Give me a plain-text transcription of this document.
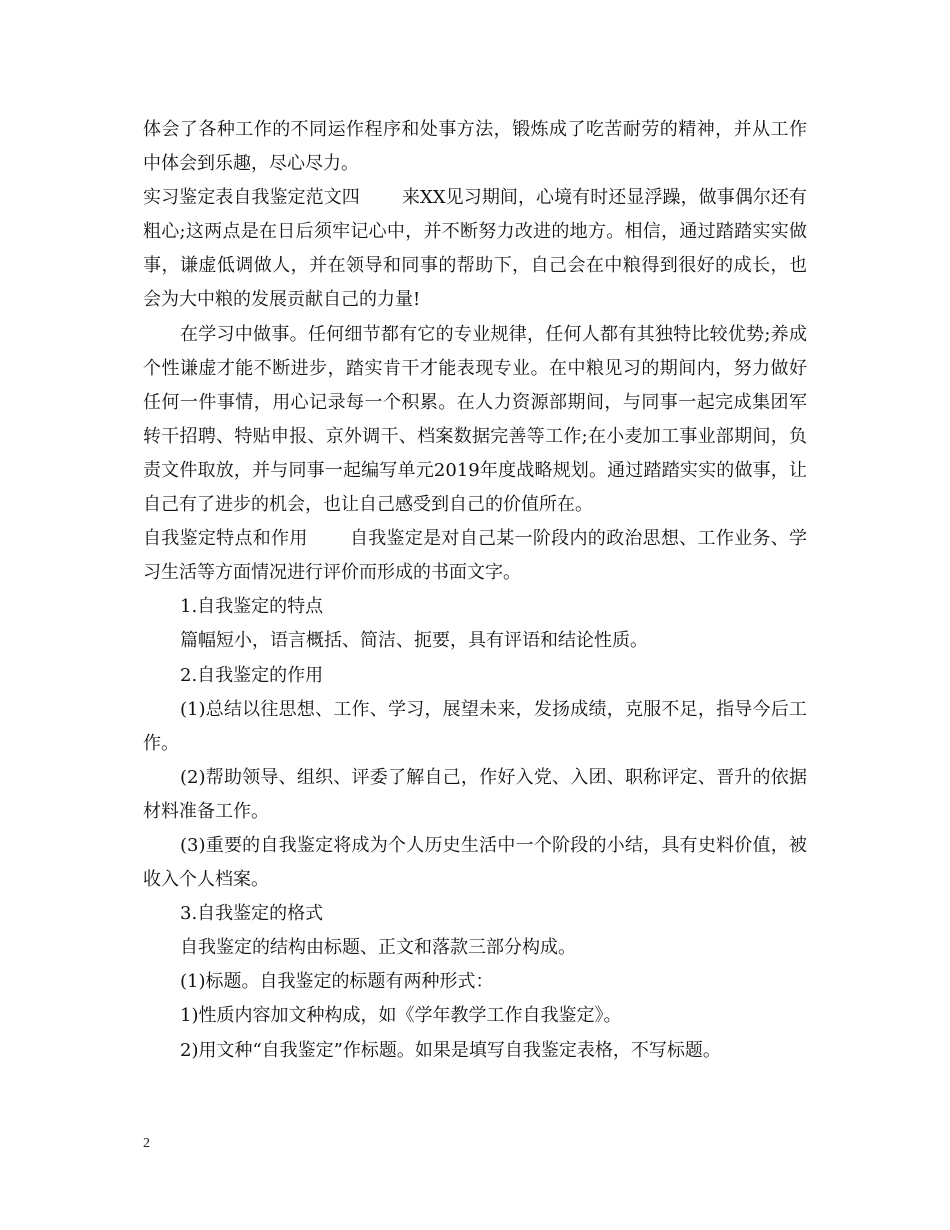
体会了各种工作的不同运作程序和处事方法，锻炼成了吃苦耐劳的精神，并从工作中体会到乐趣，尽心尽力。

实习鉴定表自我鉴定范文四 来XX见习期间，心境有时还显浮躁，做事偶尔还有粗心;这两点是在日后须牢记心中，并不断努力改进的地方。相信，通过踏踏实实做事，谦虚低调做人，并在领导和同事的帮助下，自己会在中粮得到很好的成长，也会为大中粮的发展贡献自己的力量!

在学习中做事。任何细节都有它的专业规律，任何人都有其独特比较优势;养成个性谦虚才能不断进步，踏实肯干才能表现专业。在中粮见习的期间内，努力做好任何一件事情，用心记录每一个积累。在人力资源部期间，与同事一起完成集团军转干招聘、特贴申报、京外调干、档案数据完善等工作;在小麦加工事业部期间，负责文件取放，并与同事一起编写单元2019年度战略规划。通过踏踏实实的做事，让自己有了进步的机会，也让自己感受到自己的价值所在。

自我鉴定特点和作用 自我鉴定是对自己某一阶段内的政治思想、工作业务、学习生活等方面情况进行评价而形成的书面文字。

1.自我鉴定的特点

篇幅短小，语言概括、简洁、扼要，具有评语和结论性质。

2.自我鉴定的作用

(1)总结以往思想、工作、学习，展望未来，发扬成绩，克服不足，指导今后工作。

(2)帮助领导、组织、评委了解自己，作好入党、入团、职称评定、晋升的依据材料准备工作。

(3)重要的自我鉴定将成为个人历史生活中一个阶段的小结，具有史料价值，被收入个人档案。

3.自我鉴定的格式

自我鉴定的结构由标题、正文和落款三部分构成。

(1)标题。自我鉴定的标题有两种形式：

1)性质内容加文种构成，如《学年教学工作自我鉴定》。

2)用文种“自我鉴定”作标题。如果是填写自我鉴定表格，不写标题。

2
